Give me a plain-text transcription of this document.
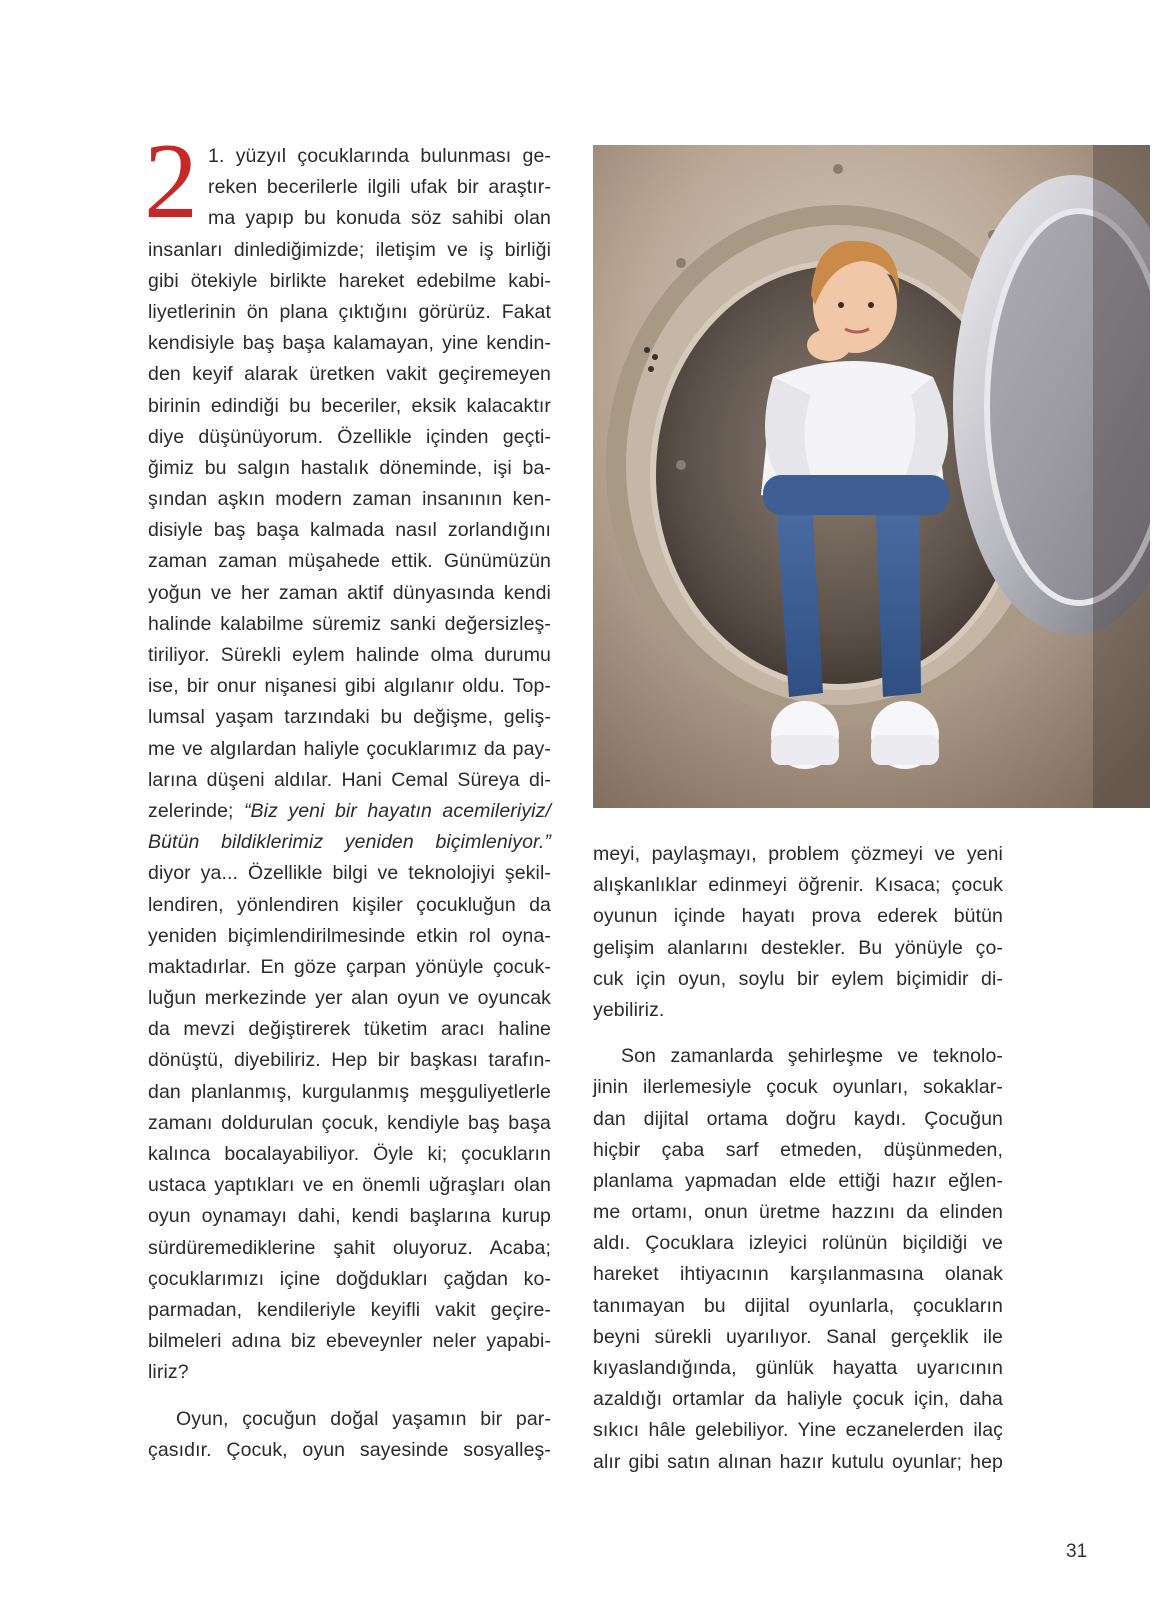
2 1. yüzyıl çocuklarında bulunması ge-
reken becerilerle ilgili ufak bir araştır-
ma yapıp bu konuda söz sahibi olan
insanları dinlediğimizde; iletişim ve iş birliği
gibi ötekiyle birlikte hareket edebilme kabi-
liyetlerinin ön plana çıktığını görürüz. Fakat
kendisiyle baş başa kalamayan, yine kendin-
den keyif alarak üretken vakit geçiremeyen
birinin edindiği bu beceriler, eksik kalacaktır
diye düşünüyorum. Özellikle içinden geçti-
ğimiz bu salgın hastalık döneminde, işi ba-
şından aşkın modern zaman insanının ken-
disiyle baş başa kalmada nasıl zorlandığını
zaman zaman müşahede ettik. Günümüzün
yoğun ve her zaman aktif dünyasında kendi
halinde kalabilme süremiz sanki değersizleş-
tiriliyor. Sürekli eylem halinde olma durumu
ise, bir onur nişanesi gibi algılanır oldu. Top-
lumsal yaşam tarzındaki bu değişme, geliş-
me ve algılardan haliyle çocuklarımız da pay-
larına düşeni aldılar. Hani Cemal Süreya di-
zelerinde; “Biz yeni bir hayatın acemileriyiz/
Bütün bildiklerimiz yeniden biçimleniyor.”
diyor ya... Özellikle bilgi ve teknolojiyi şekil-
lendiren, yönlendiren kişiler çocukluğun da
yeniden biçimlendirilmesinde etkin rol oyna-
maktadırlar. En göze çarpan yönüyle çocuk-
luğun merkezinde yer alan oyun ve oyuncak
da mevzi değiştirerek tüketim aracı haline
dönüştü, diyebiliriz. Hep bir başkası tarafın-
dan planlanmış, kurgulanmış meşguliyetlerle
zamanı doldurulan çocuk, kendiyle baş başa
kalınca bocalayabiliyor. Öyle ki; çocukların
ustaca yaptıkları ve en önemli uğraşları olan
oyun oynamayı dahi, kendi başlarına kurup
sürdüremediklerine şahit oluyoruz. Acaba;
çocuklarımızı içine doğdukları çağdan ko-
parmadan, kendileriyle keyifli vakit geçire-
bilmeleri adına biz ebeveynler neler yapabi-
liriz?
Oyun, çocuğun doğal yaşamın bir par-
çasıdır. Çocuk, oyun sayesinde sosyalleş-
meyi, paylaşmayı, problem çözmeyi ve yeni
alışkanlıklar edinmeyi öğrenir. Kısaca; çocuk
oyunun içinde hayatı prova ederek bütün
gelişim alanlarını destekler. Bu yönüyle ço-
cuk için oyun, soylu bir eylem biçimidir di-
yebiliriz.
Son zamanlarda şehirleşme ve teknolo-
jinin ilerlemesiyle çocuk oyunları, sokaklar-
dan dijital ortama doğru kaydı. Çocuğun
hiçbir çaba sarf etmeden, düşünmeden,
planlama yapmadan elde ettiği hazır eğlen-
me ortamı, onun üretme hazzını da elinden
aldı. Çocuklara izleyici rolünün biçildiği ve
hareket ihtiyacının karşılanmasına olanak
tanımayan bu dijital oyunlarla, çocukların
beyni sürekli uyarılıyor. Sanal gerçeklik ile
kıyaslandığında, günlük hayatta uyarıcının
azaldığı ortamlar da haliyle çocuk için, daha
sıkıcı hâle gelebiliyor. Yine eczanelerden ilaç
alır gibi satın alınan hazır kutulu oyunlar; hep
31
